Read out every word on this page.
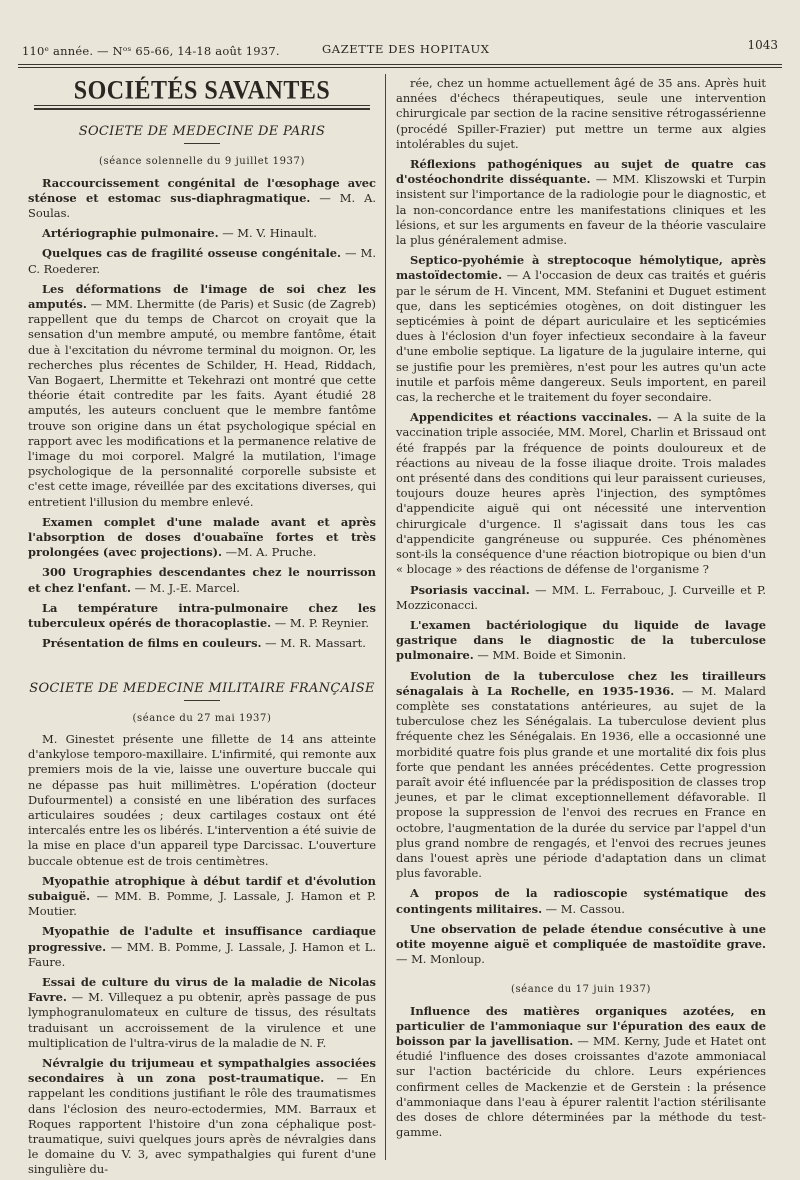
110ᵉ année. — Nᵒˢ 65-66, 14-18 août 1937.	GAZETTE DES HOPITAUX	1043
SOCIÉTÉS SAVANTES
SOCIETE DE MEDECINE DE PARIS
(séance solennelle du 9 juillet 1937)

Raccourcissement congénital de l'œsophage avec sténose et estomac sus-diaphragmatique. — M. A. Soulas.

Artériographie pulmonaire. — M. V. Hinault.

Quelques cas de fragilité osseuse congénitale. — M. C. Roederer.

Les déformations de l'image de soi chez les amputés. — MM. Lhermitte (de Paris) et Susic (de Zagreb) rappellent que du temps de Charcot on croyait que la sensation d'un membre amputé, ou membre fantôme, était due à l'excitation du névrome terminal du moignon. Or, les recherches plus récentes de Schilder, H. Head, Riddach, Van Bogaert, Lhermitte et Tekehrazi ont montré que cette théorie était contredite par les faits. Ayant étudié 28 amputés, les auteurs concluent que le membre fantôme trouve son origine dans un état psychologique spécial en rapport avec les modifications et la permanence relative de l'image du moi corporel. Malgré la mutilation, l'image psychologique de la personnalité corporelle subsiste et c'est cette image, réveillée par des excitations diverses, qui entretient l'illusion du membre enlevé.

Examen complet d'une malade avant et après l'absorption de doses d'ouabaïne fortes et très prolongées (avec projections). —M. A. Pruche.

300 Urographies descendantes chez le nourrisson et chez l'enfant. — M. J.-E. Marcel.

La température intra-pulmonaire chez les tuberculeux opérés de thoracoplastie. — M. P. Reynier.

Présentation de films en couleurs. — M. R. Massart.

SOCIETE DE MEDECINE MILITAIRE FRANÇAISE
(séance du 27 mai 1937)

M. Ginestet présente une fillette de 14 ans atteinte d'ankylose temporo-maxillaire. L'infirmité, qui remonte aux premiers mois de la vie, laisse une ouverture buccale qui ne dépasse pas huit millimètres. L'opération (docteur Dufourmentel) a consisté en une libération des surfaces articulaires soudées ; deux cartilages costaux ont été intercalés entre les os libérés. L'intervention a été suivie de la mise en place d'un appareil type Darcissac. L'ouverture buccale obtenue est de trois centimètres.

Myopathie atrophique à début tardif et d'évolution subaiguë. — MM. B. Pomme, J. Lassale, J. Hamon et P. Moutier.

Myopathie de l'adulte et insuffisance cardiaque progressive. — MM. B. Pomme, J. Lassale, J. Hamon et L. Faure.

Essai de culture du virus de la maladie de Nicolas Favre. — M. Villequez a pu obtenir, après passage de pus lymphogranulomateux en culture de tissus, des résultats traduisant un accroissement de la virulence et une multiplication de l'ultra-virus de la maladie de N. F.

Névralgie du trijumeau et sympathalgies associées secondaires à un zona post-traumatique. — En rappelant les conditions justifiant le rôle des traumatismes dans l'éclosion des neuro-ectodermies, MM. Barraux et Roques rapportent l'histoire d'un zona céphalique post-traumatique, suivi quelques jours après de névralgies dans le domaine du V. 3, avec sympathalgies qui furent d'une singulière du-

rée, chez un homme actuellement âgé de 35 ans. Après huit années d'échecs thérapeutiques, seule une intervention chirurgicale par section de la racine sensitive rétrogassérienne (procédé Spiller-Frazier) put mettre un terme aux algies intolérables du sujet.

Réflexions pathogéniques au sujet de quatre cas d'ostéochondrite disséquante. — MM. Kliszowski et Turpin insistent sur l'importance de la radiologie pour le diagnostic, et la non-concordance entre les manifestations cliniques et les lésions, et sur les arguments en faveur de la théorie vasculaire la plus généralement admise.

Septico-pyohémie à streptocoque hémolytique, après mastoïdectomie. — A l'occasion de deux cas traités et guéris par le sérum de H. Vincent, MM. Stefanini et Duguet estiment que, dans les septicémies otogènes, on doit distinguer les septicémies à point de départ auriculaire et les septicémies dues à l'éclosion d'un foyer infectieux secondaire à la faveur d'une embolie septique. La ligature de la jugulaire interne, qui se justifie pour les premières, n'est pour les autres qu'un acte inutile et parfois même dangereux. Seuls importent, en pareil cas, la recherche et le traitement du foyer secondaire.

Appendicites et réactions vaccinales. — A la suite de la vaccination triple associée, MM. Morel, Charlin et Brissaud ont été frappés par la fréquence de points douloureux et de réactions au niveau de la fosse iliaque droite. Trois malades ont présenté dans des conditions qui leur paraissent curieuses, toujours douze heures après l'injection, des symptômes d'appendicite aiguë qui ont nécessité une intervention chirurgicale d'urgence. Il s'agissait dans tous les cas d'appendicite gangréneuse ou suppurée. Ces phénomènes sont-ils la conséquence d'une réaction biotropique ou bien d'un « blocage » des réactions de défense de l'organisme ?

Psoriasis vaccinal. — MM. L. Ferrabouc, J. Curveille et P. Mozziconacci.

L'examen bactériologique du liquide de lavage gastrique dans le diagnostic de la tuberculose pulmonaire. — MM. Boide et Simonin.

Evolution de la tuberculose chez les tirailleurs sénagalais à La Rochelle, en 1935-1936. — M. Malard complète ses constatations antérieures, au sujet de la tuberculose chez les Sénégalais. La tuberculose devient plus fréquente chez les Sénégalais. En 1936, elle a occasionné une morbidité quatre fois plus grande et une mortalité dix fois plus forte que pendant les années précédentes. Cette progression paraît avoir été influencée par la prédisposition de classes trop jeunes, et par le climat exceptionnellement défavorable. Il propose la suppression de l'envoi des recrues en France en octobre, l'augmentation de la durée du service par l'appel d'un plus grand nombre de rengagés, et l'envoi des recrues jeunes dans l'ouest après une période d'adaptation dans un climat plus favorable.

A propos de la radioscopie systématique des contingents militaires. — M. Cassou.

Une observation de pelade étendue consécutive à une otite moyenne aiguë et compliquée de mastoïdite grave. — M. Monloup.

(séance du 17 juin 1937)

Influence des matières organiques azotées, en particulier de l'ammoniaque sur l'épuration des eaux de boisson par la javellisation. — MM. Kerny, Jude et Hatet ont étudié l'influence des doses croissantes d'azote ammoniacal sur l'action bactéricide du chlore. Leurs expériences confirment celles de Mackenzie et de Gerstein : la présence d'ammoniaque dans l'eau à épurer ralentit l'action stérilisante des doses de chlore déterminées par la méthode du test-gamme.
